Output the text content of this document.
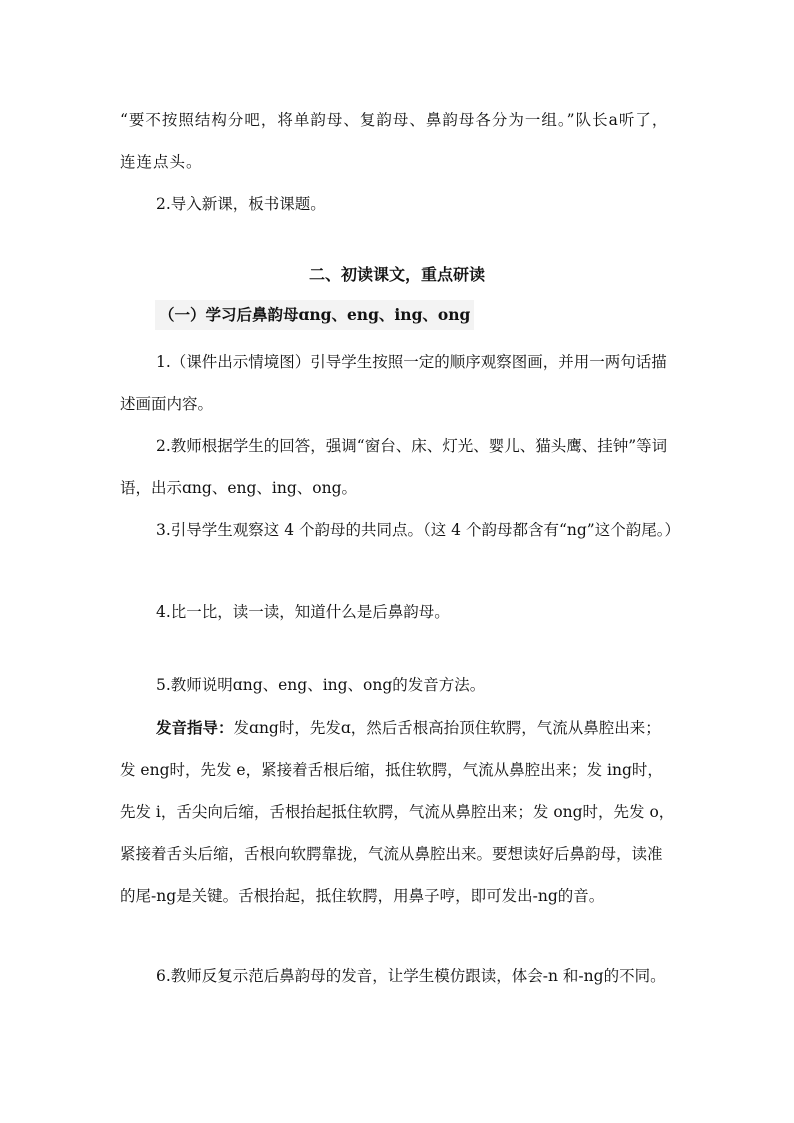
“要不按照结构分吧，将单韵母、复韵母、鼻韵母各分为一组。”队长a听了，连连点头。

2.导入新课，板书课题。

二、初读课文，重点研读

（一）学习后鼻韵母ɑng、eng、ing、ong

1.（课件出示情境图）引导学生按照一定的顺序观察图画，并用一两句话描述画面内容。

2.教师根据学生的回答，强调“窗台、床、灯光、婴儿、猫头鹰、挂钟”等词语，出示ɑng、eng、ing、ong。

3.引导学生观察这 4 个韵母的共同点。（这 4 个韵母都含有“ng”这个韵尾。）

4.比一比，读一读，知道什么是后鼻韵母。

5.教师说明ɑng、eng、ing、ong的发音方法。

发音指导：发ɑng时，先发ɑ，然后舌根高抬顶住软腭，气流从鼻腔出来；发 eng时，先发 e，紧接着舌根后缩，抵住软腭，气流从鼻腔出来；发 ing时，先发 i，舌尖向后缩，舌根抬起抵住软腭，气流从鼻腔出来；发 ong时，先发 o，紧接着舌头后缩，舌根向软腭靠拢，气流从鼻腔出来。要想读好后鼻韵母，读准的尾-ng是关键。舌根抬起，抵住软腭，用鼻子哼，即可发出-ng的音。

6.教师反复示范后鼻韵母的发音，让学生模仿跟读，体会-n 和-ng的不同。
